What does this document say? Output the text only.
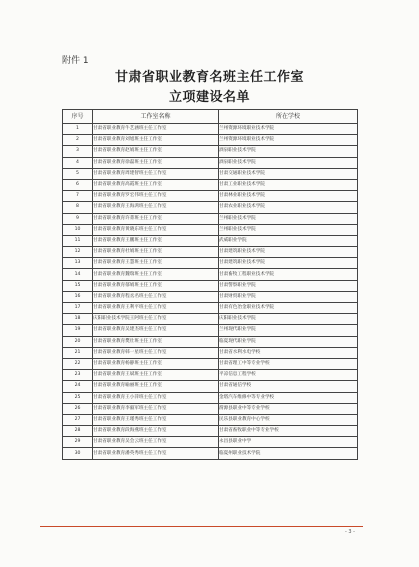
附件 1
甘肃省职业教育名班主任工作室
立项建设名单
序号	工作室名称	所在学校
1	甘肃省职业教育牛艺涵班主任工作室	兰州资源环境职业技术学院
2	甘肃省职业教育刘旭班主任工作室	兰州资源环境职业技术学院
3	甘肃省职业教育赵娟班主任工作室	酒泉职业技术学院
4	甘肃省职业教育徐磊班主任工作室	酒泉职业技术学院
5	甘肃省职业教育周建智班主任工作室	甘肃交通职业技术学院
6	甘肃省职业教育高霞班主任工作室	甘肃工业职业技术学院
7	甘肃省职业教育罗宏伟班主任工作室	甘肃林业职业技术学院
8	甘肃省职业教育王海鸿班主任工作室	甘肃农业职业技术学院
9	甘肃省职业教育许菁班主任工作室	兰州职业技术学院
10	甘肃省职业教育黄晓东班主任工作室	兰州职业技术学院
11	甘肃省职业教育王鹏班主任工作室	武威职业学院
12	甘肃省职业教育杜娟班主任工作室	甘肃建筑职业技术学院
13	甘肃省职业教育王慧班主任工作室	甘肃建筑职业技术学院
14	甘肃省职业教育魏瑞班主任工作室	甘肃畜牧工程职业技术学院
15	甘肃省职业教育郁娟班主任工作室	甘肃警察职业学院
16	甘肃省职业教育程丞名班主任工作室	甘肃财贸职业学院
17	甘肃省职业教育王利平班主任工作室	甘肃有色冶金职业技术学院
18	庆阳职业技术学院王阿班主任工作室	庆阳职业技术学院
19	甘肃省职业教育吴建杰班主任工作室	兰州现代职业学院
20	甘肃省职业教育樊壮班主任工作室	临夏现代职业学院
21	甘肃省职业教育韩一星班主任工作室	甘肃省水利水电学校
22	甘肃省职业教育杨静班主任工作室	甘肃省理工中等专业学校
23	甘肃省职业教育王斌班主任工作室	平凉信息工程学校
24	甘肃省职业教育喻丽班主任工作室	甘肃省通信学校
25	甘肃省职业教育王小萍班主任工作室	金塔汽车维修中等专业学校
26	甘肃省职业教育李毅军班主任工作室	渭源县职业中等专业学校
27	甘肃省职业教育王瑾秀班主任工作室	民乐县职业教育中心学校
28	甘肃省职业教育段海燕班主任工作室	甘肃省畜牧职业中等专业学校
29	甘肃省职业教育吴会云班主任工作室	永昌县职业中学
30	甘肃省职业教育潘英秀班主任工作室	临夏州职业技术学院
- 3 -
